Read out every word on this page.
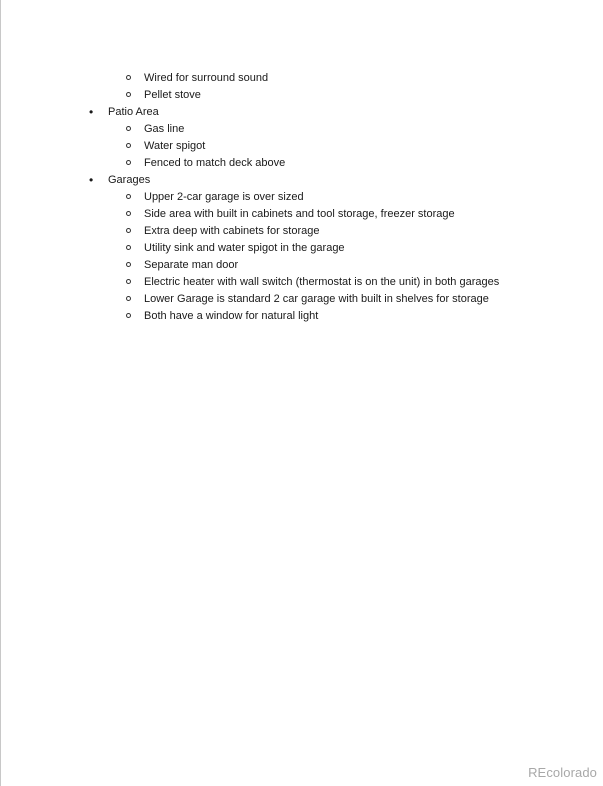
Wired for surround sound
Pellet stove
• Patio Area
Gas line
Water spigot
Fenced to match deck above
• Garages
Upper 2-car garage is over sized
Side area with built in cabinets and tool storage, freezer storage
Extra deep with cabinets for storage
Utility sink and water spigot in the garage
Separate man door
Electric heater with wall switch (thermostat is on the unit) in both garages
Lower Garage is standard 2 car garage with built in shelves for storage
Both have a window for natural light
REcolorado
